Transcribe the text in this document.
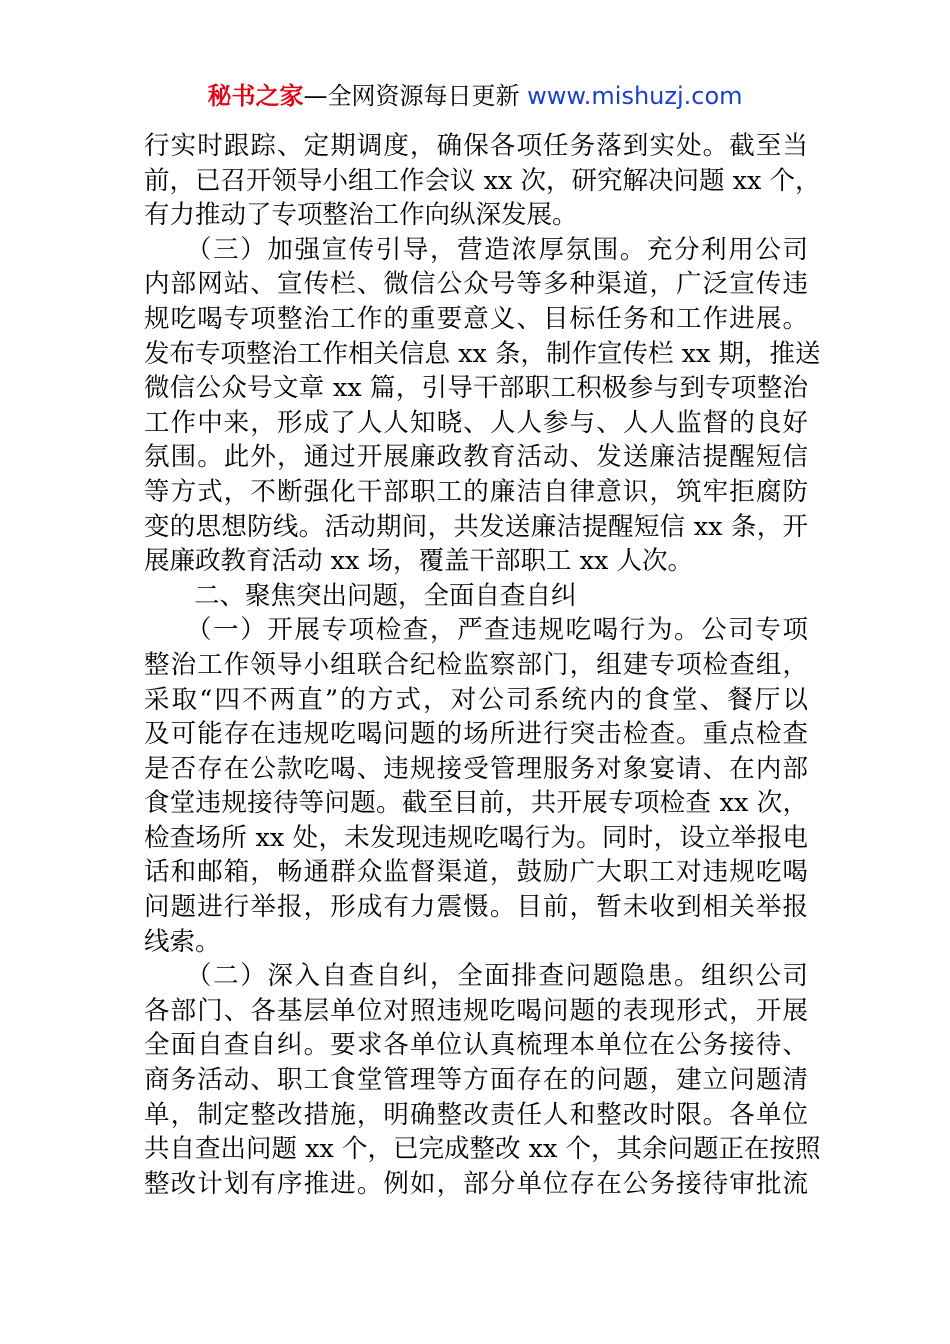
秘书之家—全网资源每日更新 www.mishuzj.com
行实时跟踪、定期调度，确保各项任务落到实处。截至当
前，已召开领导小组工作会议 xx 次，研究解决问题 xx 个，
有力推动了专项整治工作向纵深发展。
（三）加强宣传引导，营造浓厚氛围。充分利用公司
内部网站、宣传栏、微信公众号等多种渠道，广泛宣传违
规吃喝专项整治工作的重要意义、目标任务和工作进展。
发布专项整治工作相关信息 xx 条，制作宣传栏 xx 期，推送
微信公众号文章 xx 篇，引导干部职工积极参与到专项整治
工作中来，形成了人人知晓、人人参与、人人监督的良好
氛围。此外，通过开展廉政教育活动、发送廉洁提醒短信
等方式，不断强化干部职工的廉洁自律意识，筑牢拒腐防
变的思想防线。活动期间，共发送廉洁提醒短信 xx 条，开
展廉政教育活动 xx 场，覆盖干部职工 xx 人次。
二、聚焦突出问题，全面自查自纠
（一）开展专项检查，严查违规吃喝行为。公司专项
整治工作领导小组联合纪检监察部门，组建专项检查组，
采取“四不两直”的方式，对公司系统内的食堂、餐厅以
及可能存在违规吃喝问题的场所进行突击检查。重点检查
是否存在公款吃喝、违规接受管理服务对象宴请、在内部
食堂违规接待等问题。截至目前，共开展专项检查 xx 次，
检查场所 xx 处，未发现违规吃喝行为。同时，设立举报电
话和邮箱，畅通群众监督渠道，鼓励广大职工对违规吃喝
问题进行举报，形成有力震慑。目前，暂未收到相关举报
线索。
（二）深入自查自纠，全面排查问题隐患。组织公司
各部门、各基层单位对照违规吃喝问题的表现形式，开展
全面自查自纠。要求各单位认真梳理本单位在公务接待、
商务活动、职工食堂管理等方面存在的问题，建立问题清
单，制定整改措施，明确整改责任人和整改时限。各单位
共自查出问题 xx 个，已完成整改 xx 个，其余问题正在按照
整改计划有序推进。例如，部分单位存在公务接待审批流
